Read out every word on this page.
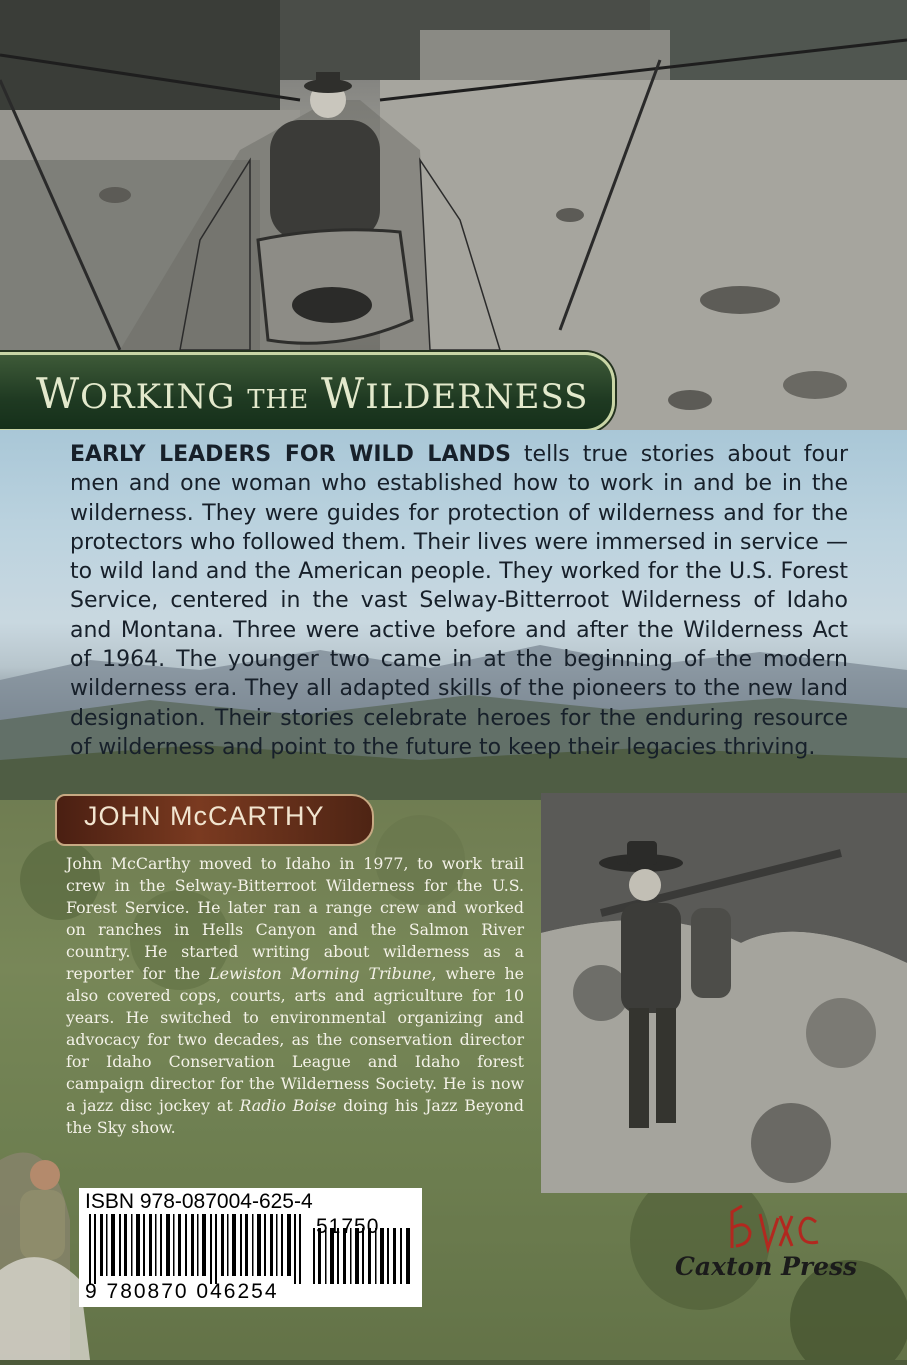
WORKING THE WILDERNESS
EARLY LEADERS FOR WILD LANDS tells true stories about four men and one woman who established how to work in and be in the wilderness. They were guides for protection of wilderness and for the protectors who followed them. Their lives were immersed in service — to wild land and the American people. They worked for the U.S. Forest Service, centered in the vast Selway-Bitterroot Wilderness of Idaho and Montana. Three were active before and after the Wilderness Act of 1964. The younger two came in at the beginning of the modern wilderness era. They all adapted skills of the pioneers to the new land designation. Their stories celebrate heroes for the enduring resource of wilderness and point to the future to keep their legacies thriving.
JOHN McCARTHY
John McCarthy moved to Idaho in 1977, to work trail crew in the Selway-Bitterroot Wilderness for the U.S. Forest Service. He later ran a range crew and worked on ranches in Hells Canyon and the Salmon River country. He started writing about wilderness as a reporter for the Lewiston Morning Tribune, where he also covered cops, courts, arts and agriculture for 10 years. He switched to environmental organizing and advocacy for two decades, as the conservation director for Idaho Conservation League and Idaho forest campaign director for the Wilderness Society. He is now a jazz disc jockey at Radio Boise doing his Jazz Beyond the Sky show.
ISBN 978-087004-625-4
51750
9 780870 046254
Caxton Press
